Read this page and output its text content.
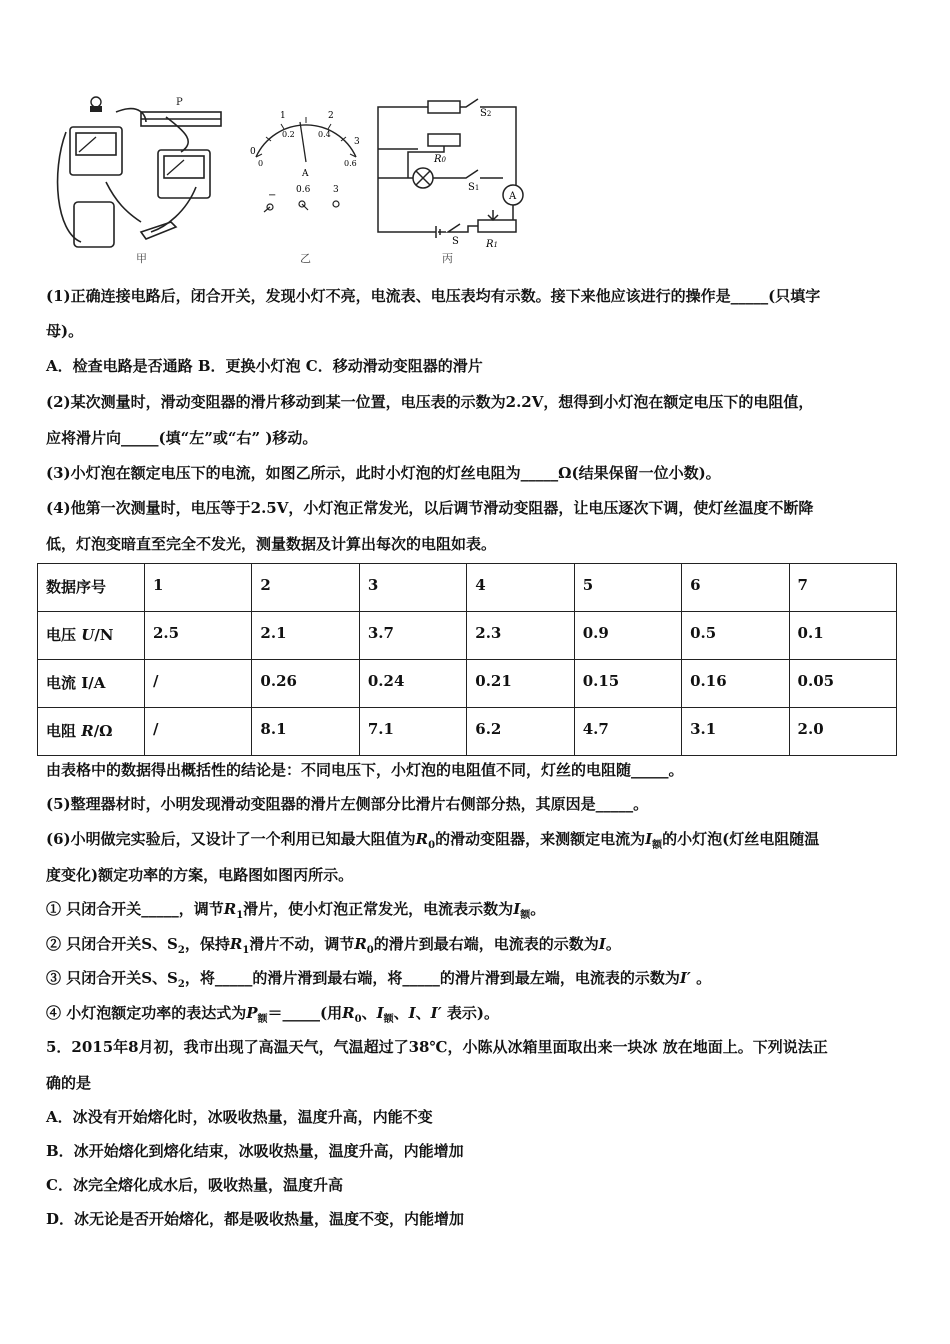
P
甲
0
1	2
3
0
0.2	0.4
0.6
A
− 0.6	3
乙
S2
R0
S1
A
S	R1
丙
(1)正确连接电路后，闭合开关，发现小灯不亮，电流表、电压表均有示数。接下来他应该进行的操作是_____(只填字
母)。
A．检查电路是否通路 B．更换小灯泡 C．移动滑动变阻器的滑片
(2)某次测量时，滑动变阻器的滑片移动到某一位置，电压表的示数为2.2V，想得到小灯泡在额定电压下的电阻值，
应将滑片向_____(填“左”或“右” )移动。
(3)小灯泡在额定电压下的电流，如图乙所示，此时小灯泡的灯丝电阻为_____Ω(结果保留一位小数)。
(4)他第一次测量时，电压等于2.5V，小灯泡正常发光，以后调节滑动变阻器，让电压逐次下调，使灯丝温度不断降
低，灯泡变暗直至完全不发光，测量数据及计算出每次的电阻如表。
数据序号	1	2	3	4	5	6	7
电压 U/N	2.5	2.1	3.7	2.3	0.9	0.5	0.1
电流 I/A	/	0.26	0.24	0.21	0.15	0.16	0.05
电阻 R/Ω	/	8.1	7.1	6.2	4.7	3.1	2.0
由表格中的数据得出概括性的结论是：不同电压下，小灯泡的电阻值不同，灯丝的电阻随_____。
(5)整理器材时，小明发现滑动变阻器的滑片左侧部分比滑片右侧部分热，其原因是_____。
(6)小明做完实验后，又设计了一个利用已知最大阻值为$R_0$的滑动变阻器，来测额定电流为$I_额$的小灯泡(灯丝电阻随温
度变化)额定功率的方案，电路图如图丙所示。
① 只闭合开关_____，调节$R_1$滑片，使小灯泡正常发光，电流表示数为$I_额$。
② 只闭合开关S、$S_2$，保持$R_1$滑片不动，调节$R_0$的滑片到最右端，电流表的示数为I。
③ 只闭合开关S、$S_2$，将_____的滑片滑到最右端，将_____的滑片滑到最左端，电流表的示数为I′ 。
④ 小灯泡额定功率的表达式为$P_额=\_\_\_\_\_$(用$R_0$、$I_额$、I、I′ 表示)。
5．2015年8月初，我市出现了高温天气，气温超过了38℃，小陈从冰箱里面取出来一块冰 放在地面上。下列说法正
确的是
A．冰没有开始熔化时，冰吸收热量，温度升高，内能不变
B．冰开始熔化到熔化结束，冰吸收热量，温度升高，内能增加
C．冰完全熔化成水后，吸收热量，温度升高
D．冰无论是否开始熔化，都是吸收热量，温度不变，内能增加
